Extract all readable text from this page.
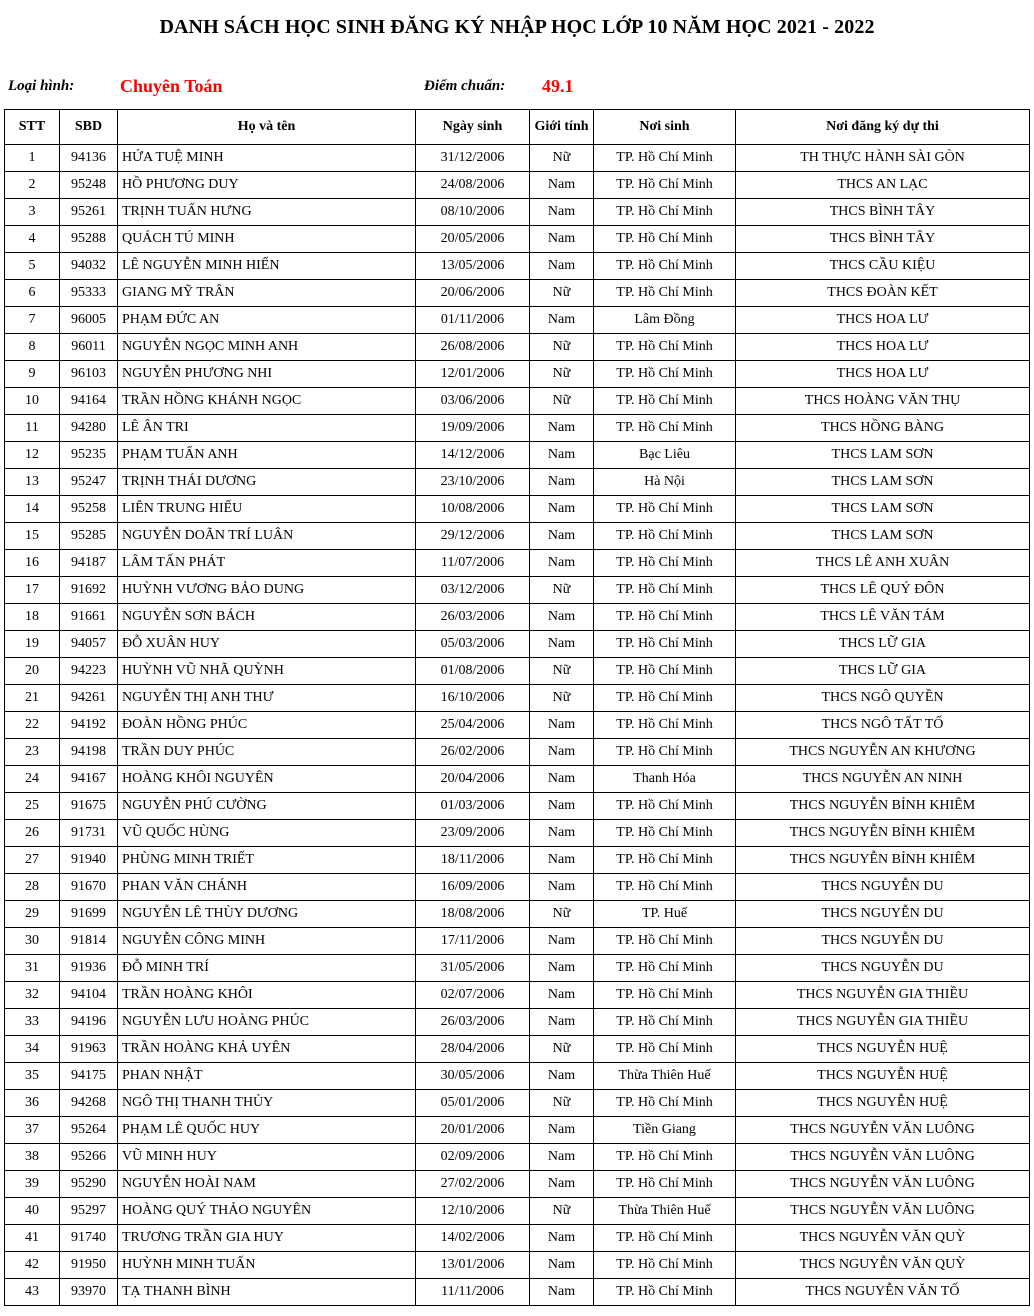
DANH SÁCH HỌC SINH ĐĂNG KÝ NHẬP HỌC LỚP 10 NĂM HỌC 2021 - 2022
Loại hình:	Chuyên Toán	Điểm chuẩn: 49.1
STT	SBD	Họ và tên	Ngày sinh	Giới tính	Nơi sinh	Nơi đăng ký dự thi
1	94136	HỨA TUỆ MINH	31/12/2006	Nữ	TP. Hồ Chí Minh	TH THỰC HÀNH SÀI GÒN
2	95248	HỒ PHƯƠNG DUY	24/08/2006	Nam	TP. Hồ Chí Minh	THCS AN LẠC
3	95261	TRỊNH TUẤN HƯNG	08/10/2006	Nam	TP. Hồ Chí Minh	THCS BÌNH TÂY
4	95288	QUÁCH TÚ MINH	20/05/2006	Nam	TP. Hồ Chí Minh	THCS BÌNH TÂY
5	94032	LÊ NGUYỄN MINH HIỂN	13/05/2006	Nam	TP. Hồ Chí Minh	THCS CẦU KIỆU
6	95333	GIANG MỸ TRÂN	20/06/2006	Nữ	TP. Hồ Chí Minh	THCS ĐOÀN KẾT
7	96005	PHẠM ĐỨC AN	01/11/2006	Nam	Lâm Đồng	THCS HOA LƯ
8	96011	NGUYỄN NGỌC MINH ANH	26/08/2006	Nữ	TP. Hồ Chí Minh	THCS HOA LƯ
9	96103	NGUYỄN PHƯƠNG NHI	12/01/2006	Nữ	TP. Hồ Chí Minh	THCS HOA LƯ
10	94164	TRẦN HỒNG KHÁNH NGỌC	03/06/2006	Nữ	TP. Hồ Chí Minh	THCS HOÀNG VĂN THỤ
11	94280	LÊ ÂN TRI	19/09/2006	Nam	TP. Hồ Chí Minh	THCS HỒNG BÀNG
12	95235	PHẠM TUẤN ANH	14/12/2006	Nam	Bạc Liêu	THCS LAM SƠN
13	95247	TRỊNH THÁI DƯƠNG	23/10/2006	Nam	Hà Nội	THCS LAM SƠN
14	95258	LIÊN TRUNG HIẾU	10/08/2006	Nam	TP. Hồ Chí Minh	THCS LAM SƠN
15	95285	NGUYỄN DOÃN TRÍ LUÂN	29/12/2006	Nam	TP. Hồ Chí Minh	THCS LAM SƠN
16	94187	LÂM TẤN PHÁT	11/07/2006	Nam	TP. Hồ Chí Minh	THCS LÊ ANH XUÂN
17	91692	HUỲNH VƯƠNG BẢO DUNG	03/12/2006	Nữ	TP. Hồ Chí Minh	THCS LÊ QUÝ ĐÔN
18	91661	NGUYỄN SƠN BÁCH	26/03/2006	Nam	TP. Hồ Chí Minh	THCS LÊ VĂN TÁM
19	94057	ĐỖ XUÂN HUY	05/03/2006	Nam	TP. Hồ Chí Minh	THCS LỮ GIA
20	94223	HUỲNH VŨ NHÃ QUỲNH	01/08/2006	Nữ	TP. Hồ Chí Minh	THCS LỮ GIA
21	94261	NGUYỄN THỊ ANH THƯ	16/10/2006	Nữ	TP. Hồ Chí Minh	THCS NGÔ QUYỀN
22	94192	ĐOÀN HỒNG PHÚC	25/04/2006	Nam	TP. Hồ Chí Minh	THCS NGÔ TẤT TỐ
23	94198	TRẦN DUY PHÚC	26/02/2006	Nam	TP. Hồ Chí Minh	THCS NGUYỄN AN KHƯƠNG
24	94167	HOÀNG KHÔI NGUYÊN	20/04/2006	Nam	Thanh Hóa	THCS NGUYỄN AN NINH
25	91675	NGUYỄN PHÚ CƯỜNG	01/03/2006	Nam	TP. Hồ Chí Minh	THCS NGUYỄN BỈNH KHIÊM
26	91731	VŨ QUỐC HÙNG	23/09/2006	Nam	TP. Hồ Chí Minh	THCS NGUYỄN BỈNH KHIÊM
27	91940	PHÙNG MINH TRIẾT	18/11/2006	Nam	TP. Hồ Chí Minh	THCS NGUYỄN BỈNH KHIÊM
28	91670	PHAN VĂN CHÁNH	16/09/2006	Nam	TP. Hồ Chí Minh	THCS NGUYỄN DU
29	91699	NGUYỄN LÊ THÙY DƯƠNG	18/08/2006	Nữ	TP. Huế	THCS NGUYỄN DU
30	91814	NGUYỄN CÔNG MINH	17/11/2006	Nam	TP. Hồ Chí Minh	THCS NGUYỄN DU
31	91936	ĐỖ MINH TRÍ	31/05/2006	Nam	TP. Hồ Chí Minh	THCS NGUYỄN DU
32	94104	TRẦN HOÀNG KHÔI	02/07/2006	Nam	TP. Hồ Chí Minh	THCS NGUYỄN GIA THIỀU
33	94196	NGUYỄN LƯU HOÀNG PHÚC	26/03/2006	Nam	TP. Hồ Chí Minh	THCS NGUYỄN GIA THIỀU
34	91963	TRẦN HOÀNG KHẢ UYÊN	28/04/2006	Nữ	TP. Hồ Chí Minh	THCS NGUYỄN HUỆ
35	94175	PHAN NHẬT	30/05/2006	Nam	Thừa Thiên Huế	THCS NGUYỄN HUỆ
36	94268	NGÔ THỊ THANH THỦY	05/01/2006	Nữ	TP. Hồ Chí Minh	THCS NGUYỄN HUỆ
37	95264	PHẠM LÊ QUỐC HUY	20/01/2006	Nam	Tiền Giang	THCS NGUYỄN VĂN LUÔNG
38	95266	VŨ MINH HUY	02/09/2006	Nam	TP. Hồ Chí Minh	THCS NGUYỄN VĂN LUÔNG
39	95290	NGUYỄN HOÀI NAM	27/02/2006	Nam	TP. Hồ Chí Minh	THCS NGUYỄN VĂN LUÔNG
40	95297	HOÀNG QUÝ THẢO NGUYÊN	12/10/2006	Nữ	Thừa Thiên Huế	THCS NGUYỄN VĂN LUÔNG
41	91740	TRƯƠNG TRẦN GIA HUY	14/02/2006	Nam	TP. Hồ Chí Minh	THCS NGUYỄN VĂN QUỲ
42	91950	HUỲNH MINH TUẤN	13/01/2006	Nam	TP. Hồ Chí Minh	THCS NGUYỄN VĂN QUỲ
43	93970	TẠ THANH BÌNH	11/11/2006	Nam	TP. Hồ Chí Minh	THCS NGUYỄN VĂN TỐ
